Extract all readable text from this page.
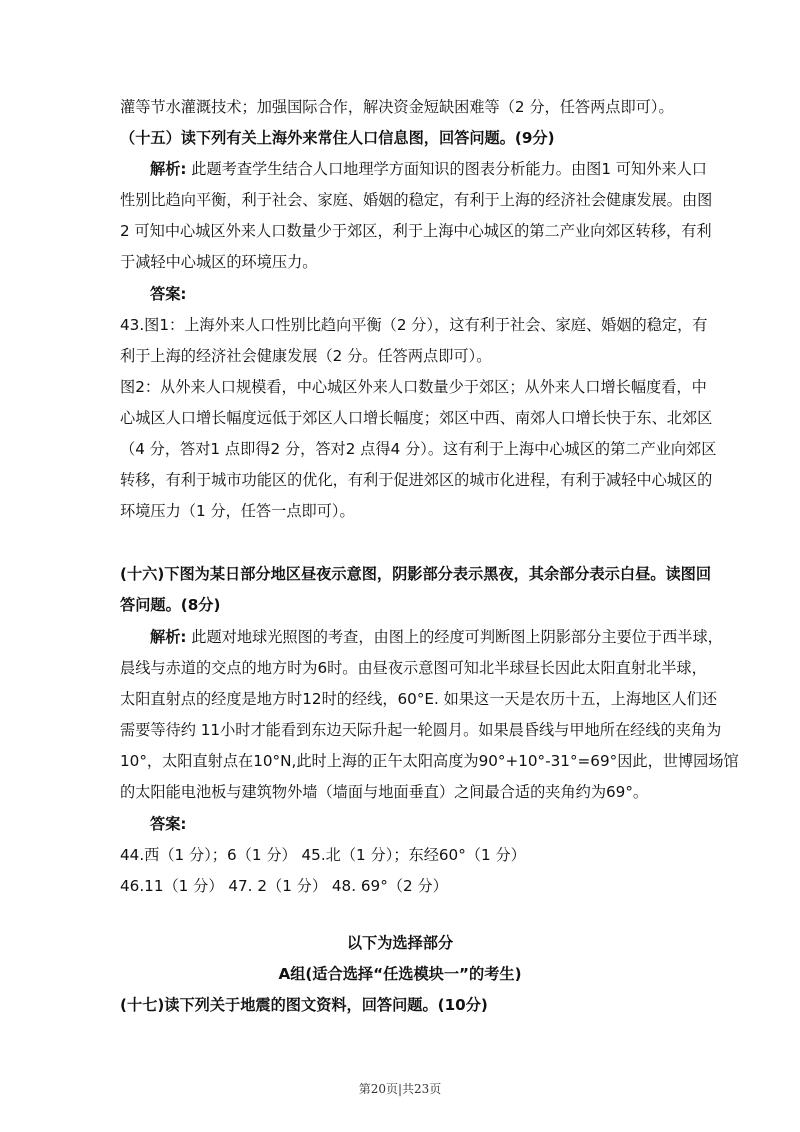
灌等节水灌溉技术；加强国际合作，解决资金短缺困难等（2 分，任答两点即可）。
（十五）读下列有关上海外来常住人口信息图，回答问题。(9分)
解析: 此题考查学生结合人口地理学方面知识的图表分析能力。由图1 可知外来人口
性别比趋向平衡，利于社会、家庭、婚姻的稳定，有利于上海的经济社会健康发展。由图
2 可知中心城区外来人口数量少于郊区，利于上海中心城区的第二产业向郊区转移，有利
于减轻中心城区的环境压力。
答案:
43.图1：上海外来人口性别比趋向平衡（2 分），这有利于社会、家庭、婚姻的稳定，有
利于上海的经济社会健康发展（2 分。任答两点即可）。
图2：从外来人口规模看，中心城区外来人口数量少于郊区；从外来人口增长幅度看，中
心城区人口增长幅度远低于郊区人口增长幅度；郊区中西、南郊人口增长快于东、北郊区
（4 分，答对1 点即得2 分，答对2 点得4 分）。这有利于上海中心城区的第二产业向郊区
转移，有利于城市功能区的优化，有利于促进郊区的城市化进程，有利于减轻中心城区的
环境压力（1 分，任答一点即可）。
(十六)下图为某日部分地区昼夜示意图，阴影部分表示黑夜，其余部分表示白昼。读图回
答问题。(8分)
解析: 此题对地球光照图的考查，由图上的经度可判断图上阴影部分主要位于西半球，
晨线与赤道的交点的地方时为6时。由昼夜示意图可知北半球昼长因此太阳直射北半球，
太阳直射点的经度是地方时12时的经线，60°E. 如果这一天是农历十五，上海地区人们还
需要等待约 11小时才能看到东边天际升起一轮圆月。如果晨昏线与甲地所在经线的夹角为
10°，太阳直射点在10°N,此时上海的正午太阳高度为90°+10°-31°=69°因此，世博园场馆
的太阳能电池板与建筑物外墙（墙面与地面垂直）之间最合适的夹角约为69°。
答案:
44.西（1 分）；6（1 分） 45.北（1 分）；东经60°（1 分）
46.11（1 分） 47. 2（1 分） 48. 69°（2 分）
以下为选择部分
A组(适合选择“任选模块一”的考生)
(十七)读下列关于地震的图文资料，回答问题。(10分)
第20页|共23页
